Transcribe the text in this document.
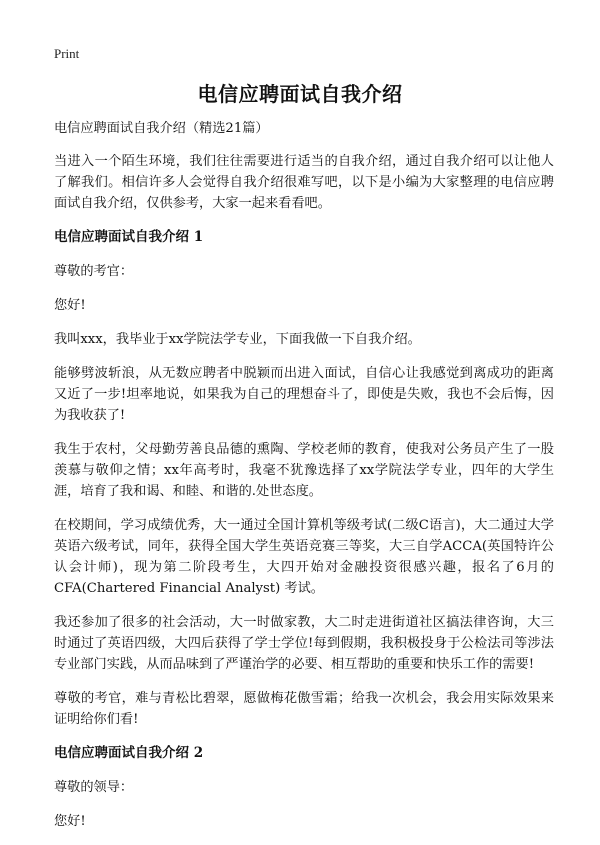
Print

电信应聘面试自我介绍

电信应聘面试自我介绍（精选21篇）

当进入一个陌生环境，我们往往需要进行适当的自我介绍，通过自我介绍可以让他人了解我们。相信许多人会觉得自我介绍很难写吧，以下是小编为大家整理的电信应聘面试自我介绍，仅供参考，大家一起来看看吧。

电信应聘面试自我介绍 1

尊敬的考官：

您好!

我叫xxx，我毕业于xx学院法学专业，下面我做一下自我介绍。

能够劈波斩浪，从无数应聘者中脱颖而出进入面试，自信心让我感觉到离成功的距离又近了一步!坦率地说，如果我为自己的理想奋斗了，即使是失败，我也不会后悔，因为我收获了!

我生于农村，父母勤劳善良品德的熏陶、学校老师的教育，使我对公务员产生了一股羡慕与敬仰之情；xx年高考时，我毫不犹豫选择了xx学院法学专业，四年的大学生涯，培育了我和谒、和睦、和谐的.处世态度。

在校期间，学习成绩优秀，大一通过全国计算机等级考试(二级C语言)，大二通过大学英语六级考试，同年，获得全国大学生英语竞赛三等奖，大三自学ACCA(英国特许公认会计师)，现为第二阶段考生，大四开始对金融投资很感兴趣，报名了6月的CFA(Chartered Financial Analyst) 考试。

我还参加了很多的社会活动，大一时做家教，大二时走进街道社区搞法律咨询，大三时通过了英语四级，大四后获得了学士学位!每到假期，我积极投身于公检法司等涉法专业部门实践，从而品味到了严谨治学的必要、相互帮助的重要和快乐工作的需要!

尊敬的考官，难与青松比碧翠，愿做梅花傲雪霜；给我一次机会，我会用实际效果来证明给你们看!

电信应聘面试自我介绍 2

尊敬的领导：

您好!
